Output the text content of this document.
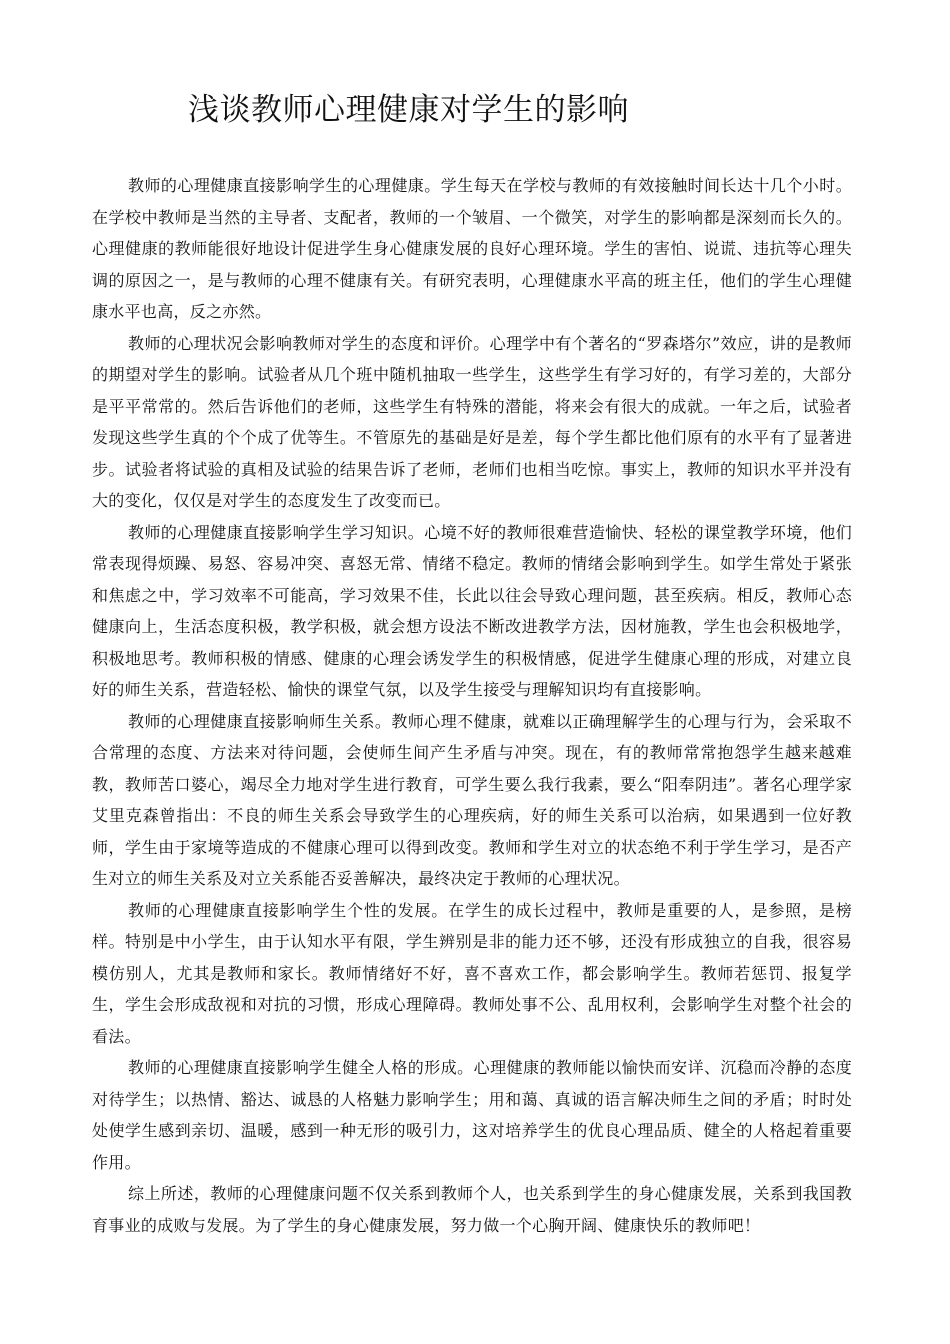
浅谈教师心理健康对学生的影响

教师的心理健康直接影响学生的心理健康。学生每天在学校与教师的有效接触时间长达十几个小时。在学校中教师是当然的主导者、支配者，教师的一个皱眉、一个微笑，对学生的影响都是深刻而长久的。心理健康的教师能很好地设计促进学生身心健康发展的良好心理环境。学生的害怕、说谎、违抗等心理失调的原因之一，是与教师的心理不健康有关。有研究表明，心理健康水平高的班主任，他们的学生心理健康水平也高，反之亦然。

教师的心理状况会影响教师对学生的态度和评价。心理学中有个著名的“罗森塔尔”效应，讲的是教师的期望对学生的影响。试验者从几个班中随机抽取一些学生，这些学生有学习好的，有学习差的，大部分是平平常常的。然后告诉他们的老师，这些学生有特殊的潜能，将来会有很大的成就。一年之后，试验者发现这些学生真的个个成了优等生。不管原先的基础是好是差，每个学生都比他们原有的水平有了显著进步。试验者将试验的真相及试验的结果告诉了老师，老师们也相当吃惊。事实上，教师的知识水平并没有大的变化，仅仅是对学生的态度发生了改变而已。

教师的心理健康直接影响学生学习知识。心境不好的教师很难营造愉快、轻松的课堂教学环境，他们常表现得烦躁、易怒、容易冲突、喜怒无常、情绪不稳定。教师的情绪会影响到学生。如学生常处于紧张和焦虑之中，学习效率不可能高，学习效果不佳，长此以往会导致心理问题，甚至疾病。相反，教师心态健康向上，生活态度积极，教学积极，就会想方设法不断改进教学方法，因材施教，学生也会积极地学，积极地思考。教师积极的情感、健康的心理会诱发学生的积极情感，促进学生健康心理的形成，对建立良好的师生关系，营造轻松、愉快的课堂气氛，以及学生接受与理解知识均有直接影响。

教师的心理健康直接影响师生关系。教师心理不健康，就难以正确理解学生的心理与行为，会采取不合常理的态度、方法来对待问题，会使师生间产生矛盾与冲突。现在，有的教师常常抱怨学生越来越难教，教师苦口婆心，竭尽全力地对学生进行教育，可学生要么我行我素，要么“阳奉阴违”。著名心理学家艾里克森曾指出：不良的师生关系会导致学生的心理疾病，好的师生关系可以治病，如果遇到一位好教师，学生由于家境等造成的不健康心理可以得到改变。教师和学生对立的状态绝不利于学生学习，是否产生对立的师生关系及对立关系能否妥善解决，最终决定于教师的心理状况。

教师的心理健康直接影响学生个性的发展。在学生的成长过程中，教师是重要的人，是参照，是榜样。特别是中小学生，由于认知水平有限，学生辨别是非的能力还不够，还没有形成独立的自我，很容易模仿别人，尤其是教师和家长。教师情绪好不好，喜不喜欢工作，都会影响学生。教师若惩罚、报复学生，学生会形成敌视和对抗的习惯，形成心理障碍。教师处事不公、乱用权利，会影响学生对整个社会的看法。

教师的心理健康直接影响学生健全人格的形成。心理健康的教师能以愉快而安详、沉稳而冷静的态度对待学生；以热情、豁达、诚恳的人格魅力影响学生；用和蔼、真诚的语言解决师生之间的矛盾；时时处处使学生感到亲切、温暖，感到一种无形的吸引力，这对培养学生的优良心理品质、健全的人格起着重要作用。

综上所述，教师的心理健康问题不仅关系到教师个人，也关系到学生的身心健康发展，关系到我国教育事业的成败与发展。为了学生的身心健康发展，努力做一个心胸开阔、健康快乐的教师吧！
